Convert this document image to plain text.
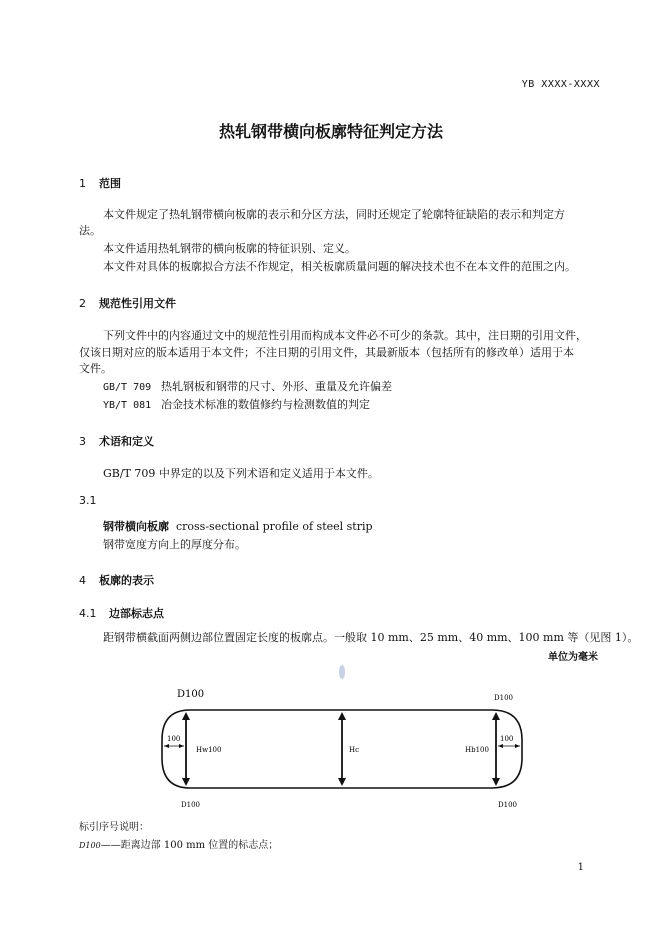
YB XXXX-XXXX
热轧钢带横向板廓特征判定方法
1 范围
本文件规定了热轧钢带横向板廓的表示和分区方法，同时还规定了轮廓特征缺陷的表示和判定方
法。
本文件适用热轧钢带的横向板廓的特征识别、定义。
本文件对具体的板廓拟合方法不作规定，相关板廓质量问题的解决技术也不在本文件的范围之内。
2 规范性引用文件
下列文件中的内容通过文中的规范性引用而构成本文件必不可少的条款。其中，注日期的引用文件，
仅该日期对应的版本适用于本文件；不注日期的引用文件，其最新版本（包括所有的修改单）适用于本
文件。
GB/T 709 热轧钢板和钢带的尺寸、外形、重量及允许偏差
YB/T 081 冶金技术标准的数值修约与检测数值的判定
3 术语和定义
GB/T 709 中界定的以及下列术语和定义适用于本文件。
3.1
钢带横向板廓 cross-sectional profile of steel strip
钢带宽度方向上的厚度分布。
4 板廓的表示
4.1 边部标志点
距钢带横截面两侧边部位置固定长度的板廓点。一般取 10 mm、25 mm、40 mm、100 mm 等（见图 1）。
单位为毫米
D100	D100
D100	D100
100	100
Hw100	Hc	Hb100
标引序号说明：
D100——距离边部 100 mm 位置的标志点；
1
